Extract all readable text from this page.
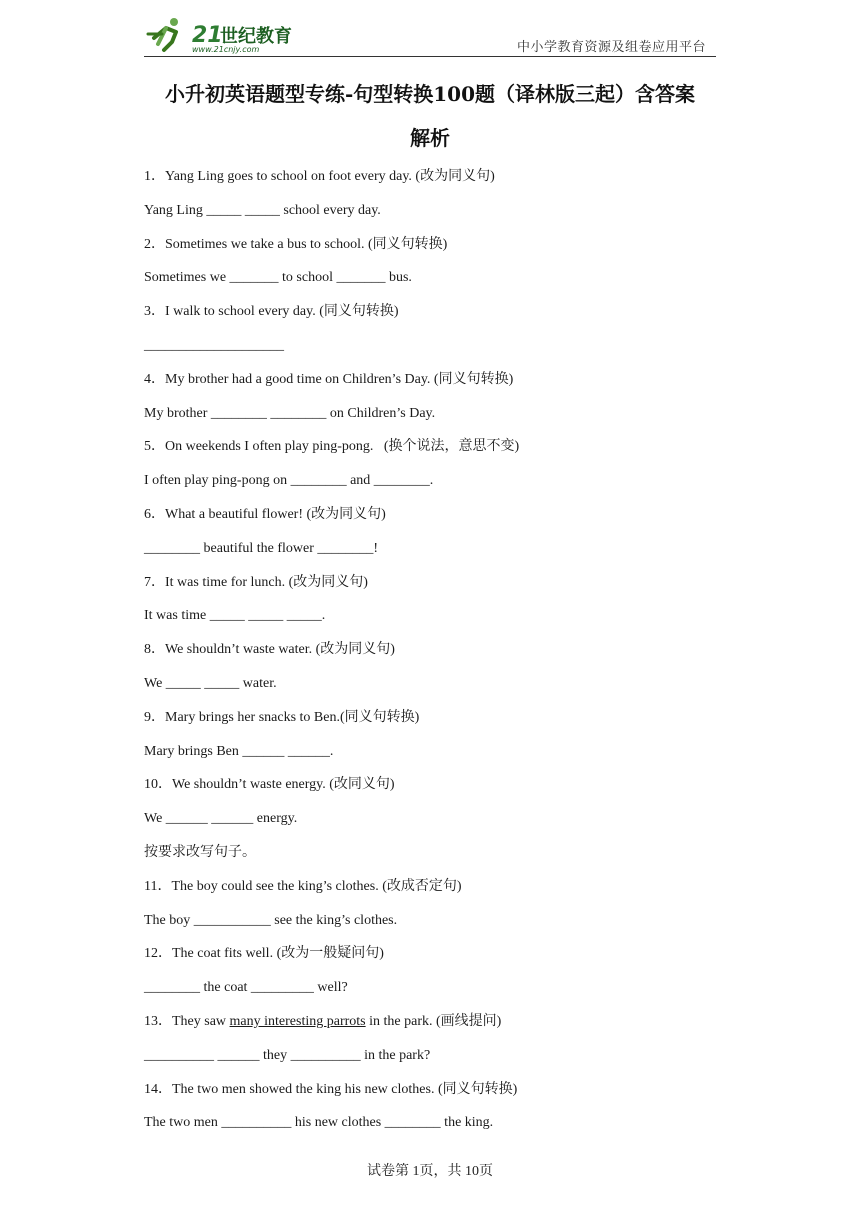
21
世纪教育
www.21cnjy.com	中小学教育资源及组卷应用平台
小升初英语题型专练-句型转换100题（译林版三起）含答案
解析
1．Yang Ling goes to school on foot every day. (改为同义句)
Yang Ling _____ _____ school every day.
2．Sometimes we take a bus to school. (同义句转换)
Sometimes we _______ to school _______ bus.
3．I walk to school every day. (同义句转换)
____________________
4．My brother had a good time on Children’s Day. (同义句转换)
My brother ________ ________ on Children’s Day.
5．On weekends I often play ping-pong.   (换个说法，意思不变)
I often play ping-pong on ________ and ________.
6．What a beautiful flower! (改为同义句)
________ beautiful the flower ________!
7．It was time for lunch. (改为同义句)
It was time _____ _____ _____.
8．We shouldn’t waste water. (改为同义句)
We _____ _____ water.
9．Mary brings her snacks to Ben.(同义句转换)
Mary brings Ben ______ ______.
10．We shouldn’t waste energy. (改同义句)
We ______ ______ energy.
按要求改写句子。
11．The boy could see the king’s clothes. (改成否定句)
The boy ___________ see the king’s clothes.
12．The coat fits well. (改为一般疑问句)
________ the coat _________ well?
13．They saw many interesting parrots in the park. (画线提问)
__________ ______ they __________ in the park?
14．The two men showed the king his new clothes. (同义句转换)
The two men __________ his new clothes ________ the king.
试卷第 1页，共 10页
